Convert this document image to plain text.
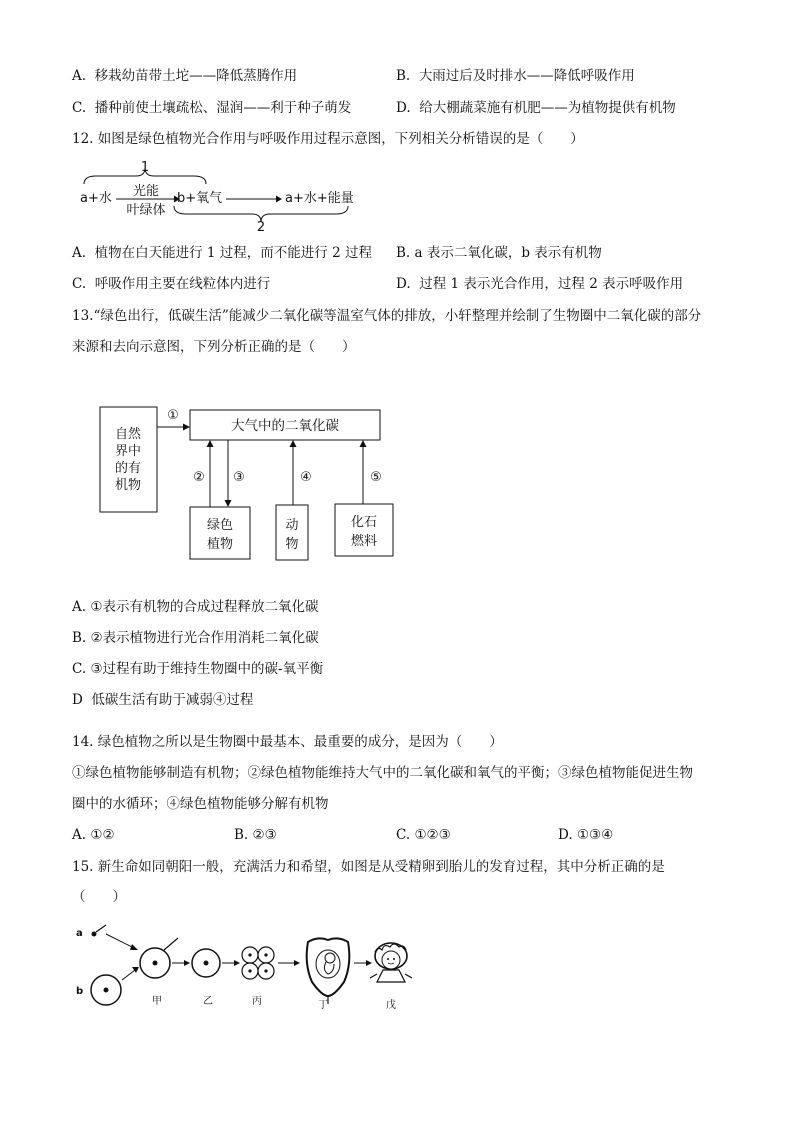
A. 移栽幼苗带土坨——降低蒸腾作用	B. 大雨过后及时排水——降低呼吸作用
C. 播种前使土壤疏松、湿润——利于种子萌发	D. 给大棚蔬菜施有机肥——为植物提供有机物
12. 如图是绿色植物光合作用与呼吸作用过程示意图，下列相关分析错误的是（　　）
1
a+水 光能
叶绿体
b+氧气	a+水+能量
2
A. 植物在白天能进行 1 过程，而不能进行 2 过程 B. a 表示二氧化碳，b 表示有机物
C. 呼吸作用主要在线粒体内进行	D. 过程 1 表示光合作用，过程 2 表示呼吸作用
13.“绿色出行，低碳生活”能减少二氧化碳等温室气体的排放，小轩整理并绘制了生物圈中二氧化碳的部分
来源和去向示意图，下列分析正确的是（　　）
自然
界中
的有
机物
大气中的二氧化碳
①
② ③	④	⑤
绿色
植物
动
物
化石
燃料
A. ①表示有机物的合成过程释放二氧化碳
B. ②表示植物进行光合作用消耗二氧化碳
C. ③过程有助于维持生物圈中的碳-氧平衡
D 低碳生活有助于减弱④过程
14. 绿色植物之所以是生物圈中最基本、最重要的成分，是因为（　　）
①绿色植物能够制造有机物；②绿色植物能维持大气中的二氧化碳和氧气的平衡；③绿色植物能促进生物
圈中的水循环；④绿色植物能够分解有机物
A. ①②	B. ②③	C. ①②③	D. ①③④
15. 新生命如同朝阳一般，充满活力和希望，如图是从受精卵到胎儿的发育过程，其中分析正确的是
（　　）
a
b
甲	乙	丙	丁	戊
